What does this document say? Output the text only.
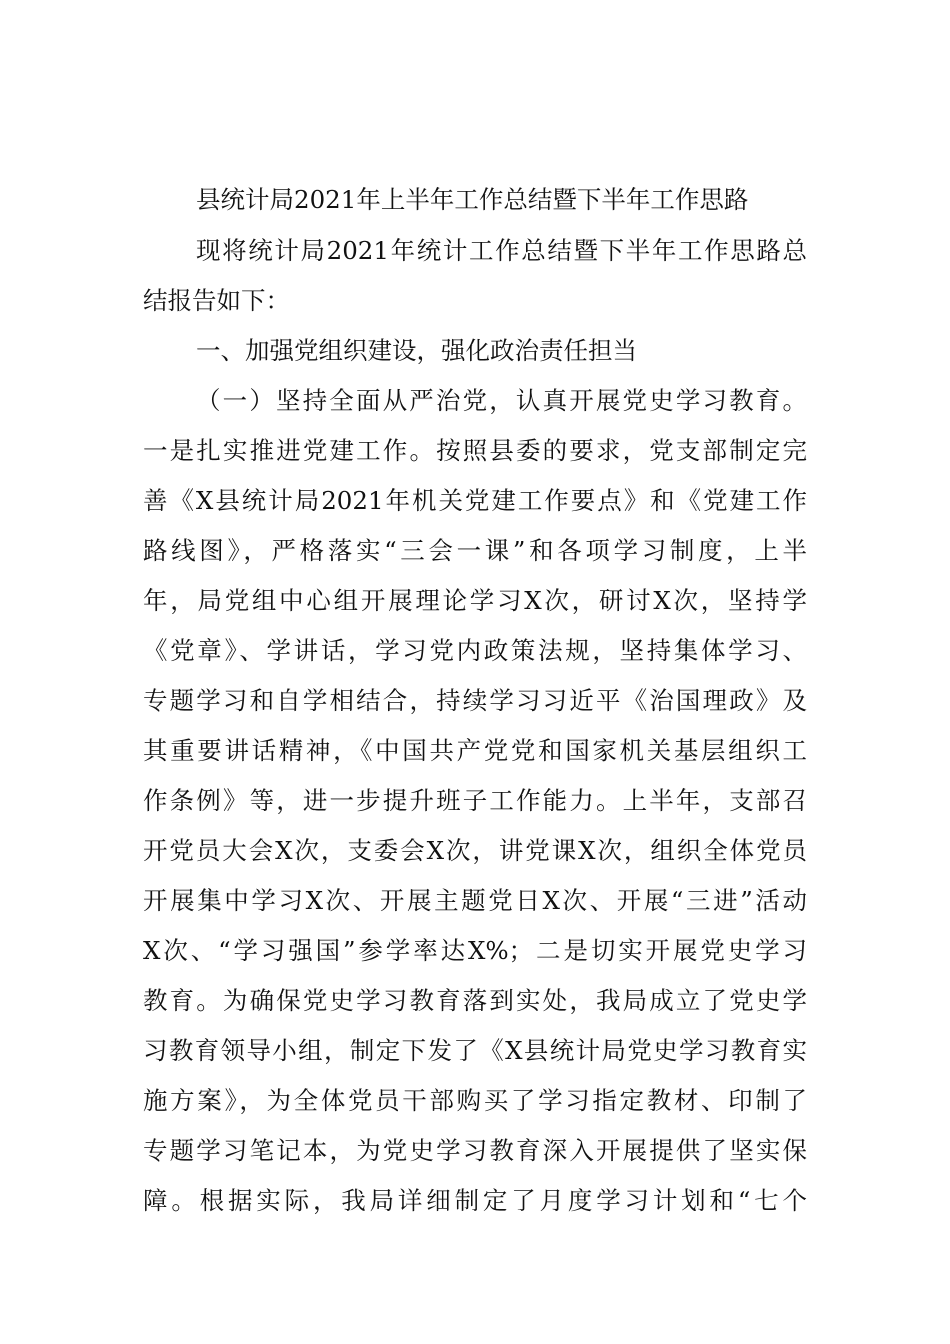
县统计局2021年上半年工作总结暨下半年工作思路
现将统计局2021年统计工作总结暨下半年工作思路总
结报告如下：
一、加强党组织建设，强化政治责任担当
（一）坚持全面从严治党，认真开展党史学习教育。
一是扎实推进党建工作。按照县委的要求，党支部制定完
善《X县统计局2021年机关党建工作要点》和《党建工作
路线图》，严格落实“三会一课”和各项学习制度，上半
年，局党组中心组开展理论学习X次，研讨X次，坚持学
《党章》、学讲话，学习党内政策法规，坚持集体学习、
专题学习和自学相结合，持续学习习近平《治国理政》及
其重要讲话精神，《中国共产党党和国家机关基层组织工
作条例》等，进一步提升班子工作能力。上半年，支部召
开党员大会X次，支委会X次，讲党课X次，组织全体党员
开展集中学习X次、开展主题党日X次、开展“三进”活动
X次、“学习强国”参学率达X%；二是切实开展党史学习
教育。为确保党史学习教育落到实处，我局成立了党史学
习教育领导小组，制定下发了《X县统计局党史学习教育实
施方案》，为全体党员干部购买了学习指定教材、印制了
专题学习笔记本，为党史学习教育深入开展提供了坚实保
障。根据实际，我局详细制定了月度学习计划和“七个
